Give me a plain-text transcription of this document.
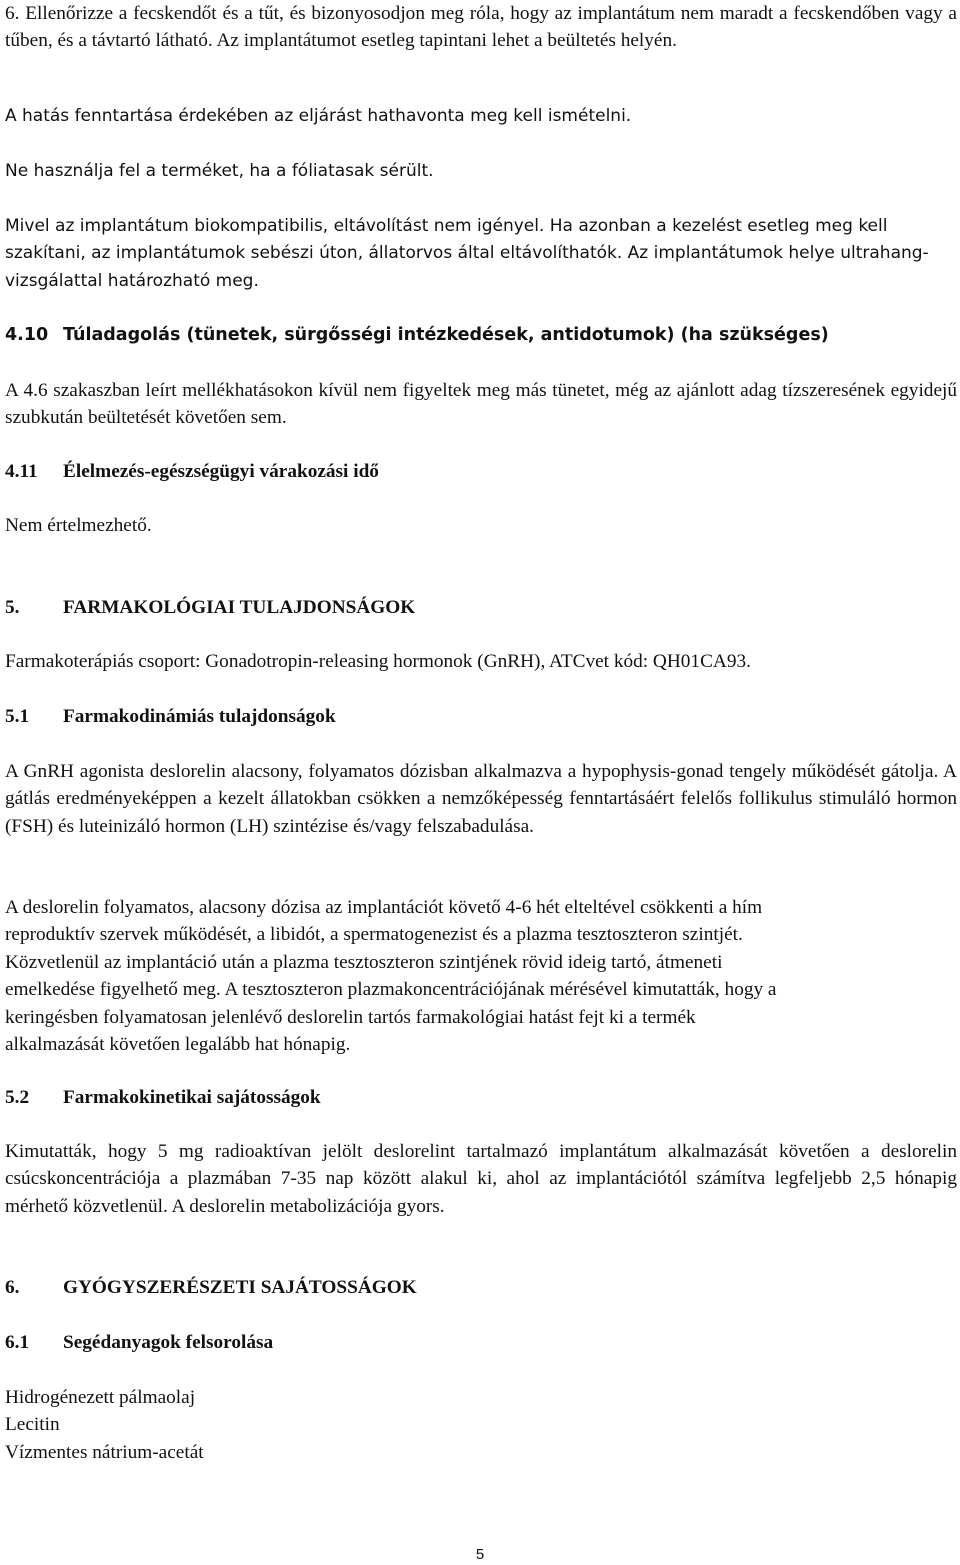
6. Ellenőrizze a fecskendőt és a tűt, és bizonyosodjon meg róla, hogy az implantátum nem maradt a fecskendőben vagy a tűben, és a távtartó látható. Az implantátumot esetleg tapintani lehet a beültetés helyén.

A hatás fenntartása érdekében az eljárást hathavonta meg kell ismételni.

Ne használja fel a terméket, ha a fóliatasak sérült.

Mivel az implantátum biokompatibilis, eltávolítást nem igényel. Ha azonban a kezelést esetleg meg kell szakítani, az implantátumok sebészi úton, állatorvos által eltávolíthatók. Az implantátumok helye ultrahang-vizsgálattal határozható meg.

4.10 Túladagolás (tünetek, sürgősségi intézkedések, antidotumok) (ha szükséges)

A 4.6 szakaszban leírt mellékhatásokon kívül nem figyeltek meg más tünetet, még az ajánlott adag tízszeresének egyidejű szubkután beültetését követően sem.

4.11 Élelmezés-egészségügyi várakozási idő

Nem értelmezhető.

5. FARMAKOLÓGIAI TULAJDONSÁGOK

Farmakoterápiás csoport: Gonadotropin-releasing hormonok (GnRH), ATCvet kód: QH01CA93.

5.1 Farmakodinámiás tulajdonságok

A GnRH agonista deslorelin alacsony, folyamatos dózisban alkalmazva a hypophysis-gonad tengely működését gátolja. A gátlás eredményeképpen a kezelt állatokban csökken a nemzőképesség fenntartásáért felelős follikulus stimuláló hormon (FSH) és luteinizáló hormon (LH) szintézise és/vagy felszabadulása.

A deslorelin folyamatos, alacsony dózisa az implantációt követő 4-6 hét elteltével csökkenti a hím
reproduktív szervek működését, a libidót, a spermatogenezist és a plazma tesztoszteron szintjét.
Közvetlenül az implantáció után a plazma tesztoszteron szintjének rövid ideig tartó, átmeneti
emelkedése figyelhető meg. A tesztoszteron plazmakoncentrációjának mérésével kimutatták, hogy a
keringésben folyamatosan jelenlévő deslorelin tartós farmakológiai hatást fejt ki a termék
alkalmazását követően legalább hat hónapig.

5.2 Farmakokinetikai sajátosságok

Kimutatták, hogy 5 mg radioaktívan jelölt deslorelint tartalmazó implantátum alkalmazását követően a deslorelin csúcskoncentrációja a plazmában 7-35 nap között alakul ki, ahol az implantációtól számítva legfeljebb 2,5 hónapig mérhető közvetlenül. A deslorelin metabolizációja gyors.

6. GYÓGYSZERÉSZETI SAJÁTOSSÁGOK
6.1 Segédanyagok felsorolása

Hidrogénezett pálmaolaj
Lecitin
Vízmentes nátrium-acetát

5
